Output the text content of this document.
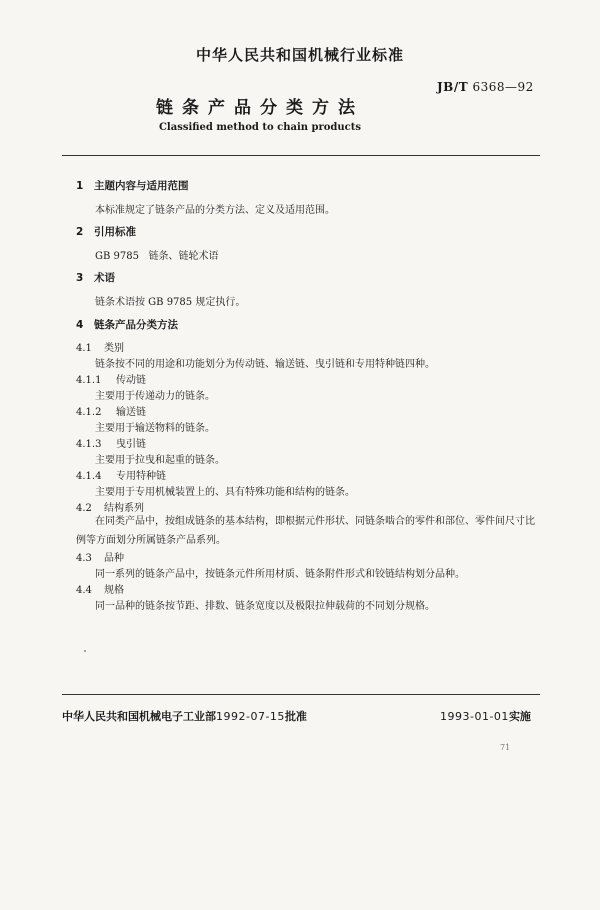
中华人民共和国机械行业标准
JB/T 6368—92
链条产品分类方法
Classified method to chain products
1 主题内容与适用范围
本标准规定了链条产品的分类方法、定义及适用范围。
2 引用标准
GB 9785   链条、链轮术语
3 术语
链条术语按 GB 9785 规定执行。
4 链条产品分类方法
4.1 类别
链条按不同的用途和功能划分为传动链、输送链、曳引链和专用特种链四种。
4.1.1 传动链
主要用于传递动力的链条。
4.1.2 输送链
主要用于输送物料的链条。
4.1.3 曳引链
主要用于拉曳和起重的链条。
4.1.4 专用特种链
主要用于专用机械装置上的、具有特殊功能和结构的链条。
4.2 结构系列
在同类产品中，按组成链条的基本结构，即根据元件形状、同链条啮合的零件和部位、零件间尺寸比例等方面划分所属链条产品系列。
4.3 品种
同一系列的链条产品中，按链条元件所用材质、链条附件形式和铰链结构划分品种。
4.4 规格
同一品种的链条按节距、排数、链条宽度以及极限拉伸载荷的不同划分规格。
中华人民共和国机械电子工业部1992-07-15批准	1993-01-01实施
71
